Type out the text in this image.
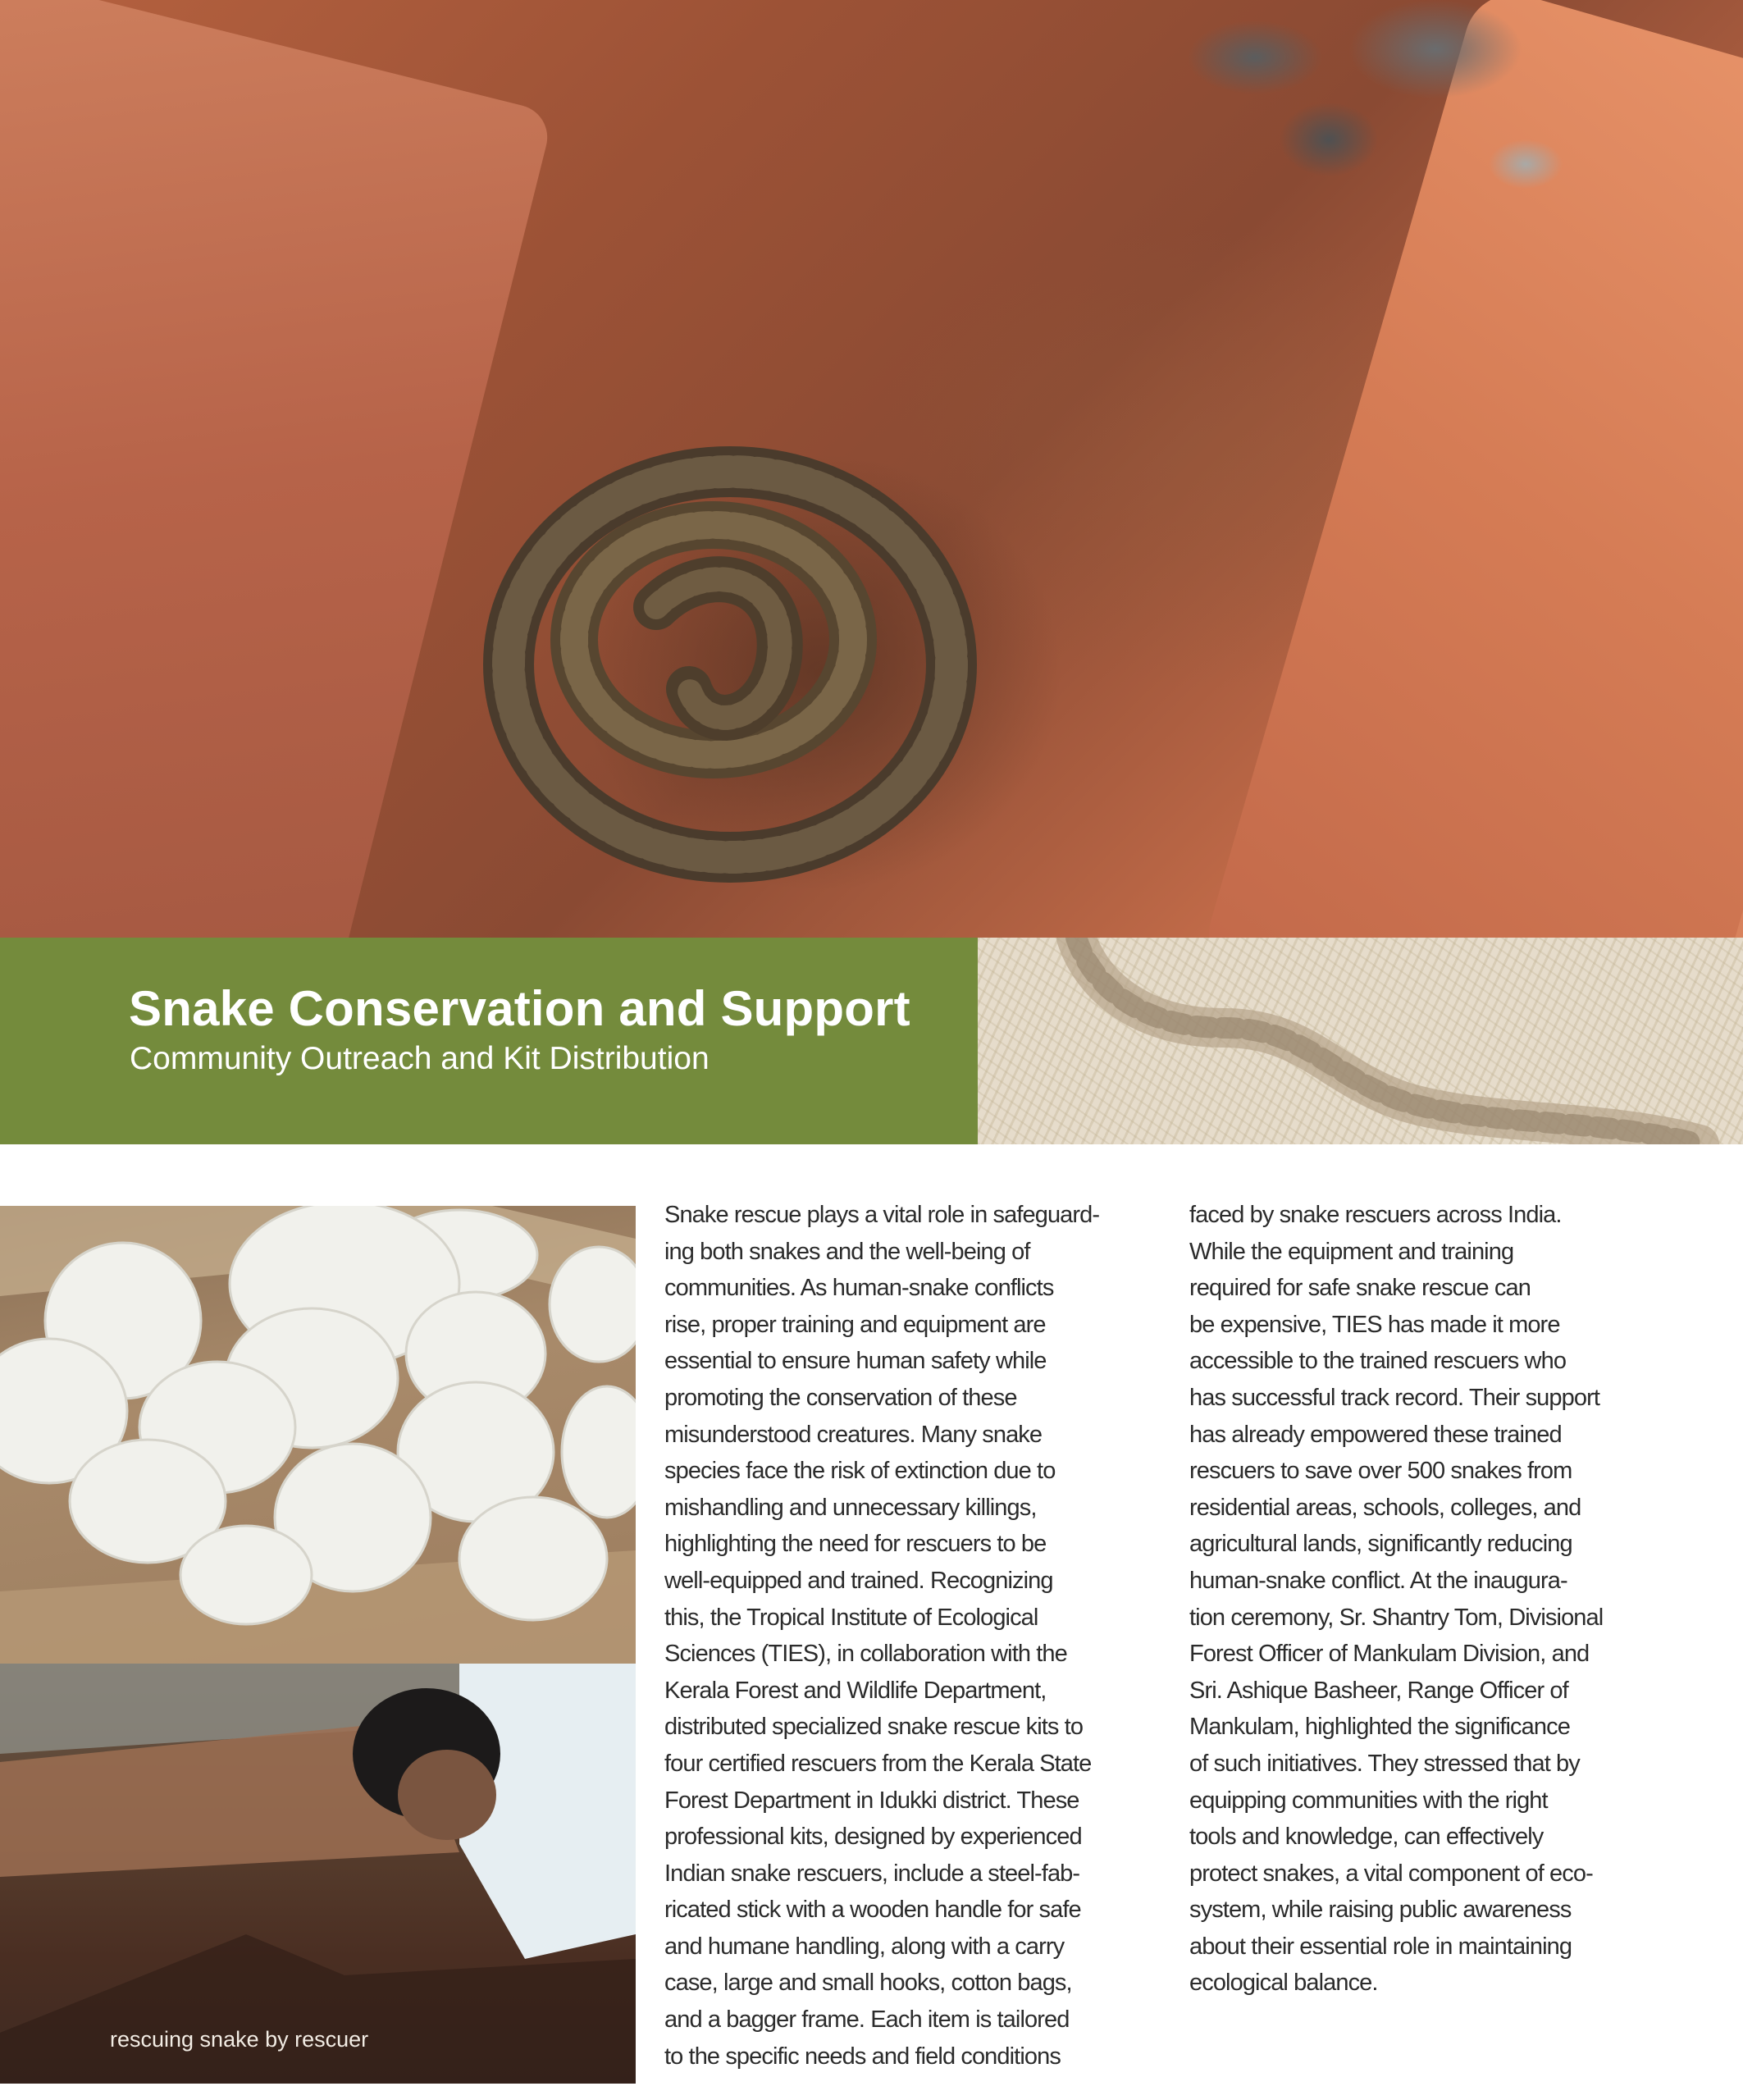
Snake Conservation and Support
Community Outreach and Kit Distribution

rescuing snake by rescuer

Snake rescue plays a vital role in safeguard-
ing both snakes and the well-being of
communities. As human-snake conflicts
rise, proper training and equipment are
essential to ensure human safety while
promoting the conservation of these
misunderstood creatures. Many snake
species face the risk of extinction due to
mishandling and unnecessary killings,
highlighting the need for rescuers to be
well-equipped and trained. Recognizing
this, the Tropical Institute of Ecological
Sciences (TIES), in collaboration with the
Kerala Forest and Wildlife Department,
distributed specialized snake rescue kits to
four certified rescuers from the Kerala State
Forest Department in Idukki district. These
professional kits, designed by experienced
Indian snake rescuers, include a steel-fab-
ricated stick with a wooden handle for safe
and humane handling, along with a carry
case, large and small hooks, cotton bags,
and a bagger frame. Each item is tailored
to the specific needs and field conditions
faced by snake rescuers across India.
While the equipment and training
required for safe snake rescue can
be expensive, TIES has made it more
accessible to the trained rescuers who
has successful track record. Their support
has already empowered these trained
rescuers to save over 500 snakes from
residential areas, schools, colleges, and
agricultural lands, significantly reducing
human-snake conflict. At the inaugura-
tion ceremony, Sr. Shantry Tom, Divisional
Forest Officer of Mankulam Division, and
Sri. Ashique Basheer, Range Officer of
Mankulam, highlighted the significance
of such initiatives. They stressed that by
equipping communities with the right
tools and knowledge, can effectively
protect snakes, a vital component of eco-
system, while raising public awareness
about their essential role in maintaining
ecological balance.
